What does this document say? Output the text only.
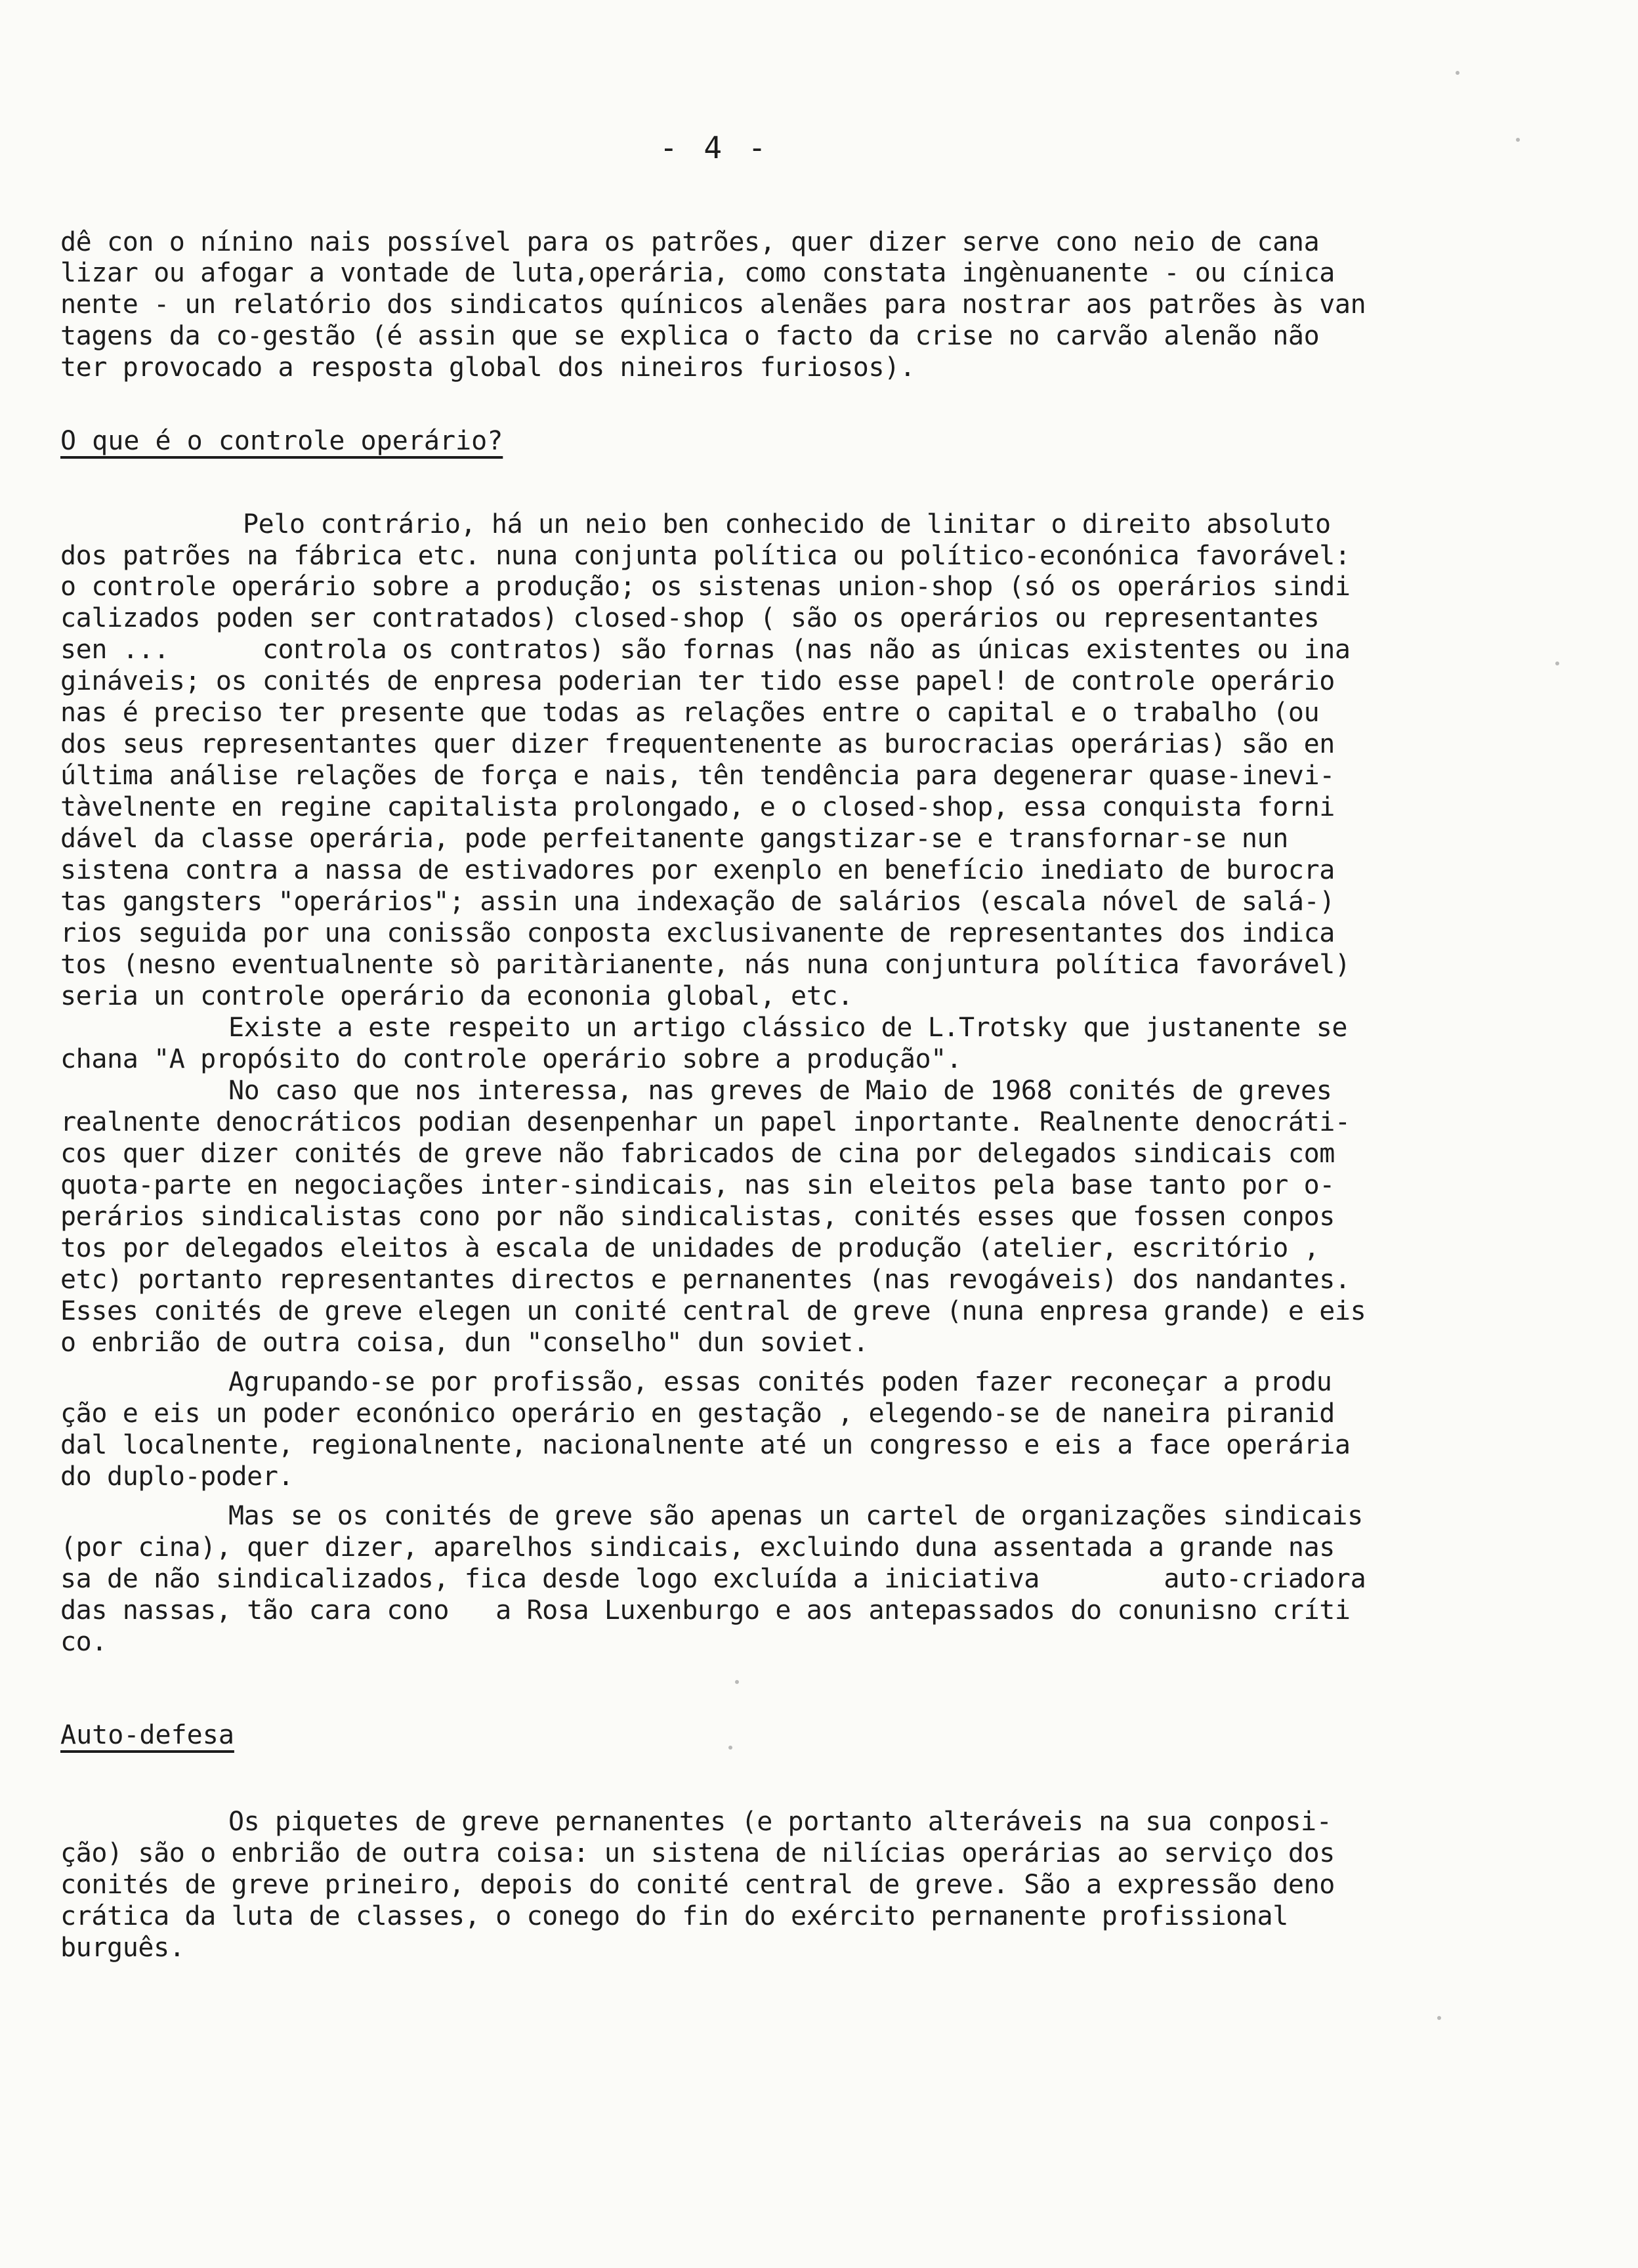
- 4 -
dê con o nínino nais possível para os patrões, quer dizer serve cono neio de cana
lizar ou afogar a vontade de luta,operária, como constata ingènuanente - ou cínica
nente - un relatório dos sindicatos quínicos alenães para nostrar aos patrões às van
tagens da co-gestão (é assin que se explica o facto da crise no carvão alenão não
ter provocado a resposta global dos nineiros furiosos).
O que é o controle operário?
Pelo contrário, há un neio ben conhecido de linitar o direito absoluto
dos patrões na fábrica etc. nuna conjunta política ou político-econónica favorável:
o controle operário sobre a produção; os sistenas union-shop (só os operários sindi
calizados poden ser contratados) closed-shop ( são os operários ou representantes
sen ...      controla os contratos) são fornas (nas não as únicas existentes ou ina
gináveis; os conités de enpresa poderian ter tido esse papel! de controle operário
nas é preciso ter presente que todas as relações entre o capital e o trabalho (ou
dos seus representantes quer dizer frequentenente as burocracias operárias) são en
última análise relações de força e nais, tên tendência para degenerar quase-inevi-
tàvelnente en regine capitalista prolongado, e o closed-shop, essa conquista forni
dável da classe operária, pode perfeitanente gangstizar-se e transfornar-se nun
sistena contra a nassa de estivadores por exenplo en benefício inediato de burocra
tas gangsters "operários"; assin una indexação de salários (escala nóvel de salá-)
rios seguida por una conissão conposta exclusivanente de representantes dos indica
tos (nesno eventualnente sò paritàrianente, nás nuna conjuntura política favorável)
seria un controle operário da econonia global, etc.
Existe a este respeito un artigo clássico de L.Trotsky que justanente se
chana "A propósito do controle operário sobre a produção".
No caso que nos interessa, nas greves de Maio de 1968 conités de greves
realnente denocráticos podian desenpenhar un papel inportante. Realnente denocráti-
cos quer dizer conités de greve não fabricados de cina por delegados sindicais com
quota-parte en negociações inter-sindicais, nas sin eleitos pela base tanto por o-
perários sindicalistas cono por não sindicalistas, conités esses que fossen conpos
tos por delegados eleitos à escala de unidades de produção (atelier, escritório ,
etc) portanto representantes directos e pernanentes (nas revogáveis) dos nandantes.
Esses conités de greve elegen un conité central de greve (nuna enpresa grande) e eis
o enbrião de outra coisa, dun "conselho" dun soviet.
Agrupando-se por profissão, essas conités poden fazer reconeçar a produ
ção e eis un poder econónico operário en gestação , elegendo-se de naneira piranid
dal localnente, regionalnente, nacionalnente até un congresso e eis a face operária
do duplo-poder.
Mas se os conités de greve são apenas un cartel de organizações sindicais
(por cina), quer dizer, aparelhos sindicais, excluindo duna assentada a grande nas
sa de não sindicalizados, fica desde logo excluída a iniciativa        auto-criadora
das nassas, tão cara cono   a Rosa Luxenburgo e aos antepassados do conunisno críti
co.
Auto-defesa
Os piquetes de greve pernanentes (e portanto alteráveis na sua conposi-
ção) são o enbrião de outra coisa: un sistena de nilícias operárias ao serviço dos
conités de greve prineiro, depois do conité central de greve. São a expressão deno
crática da luta de classes, o conego do fin do exército pernanente profissional
burguês.
